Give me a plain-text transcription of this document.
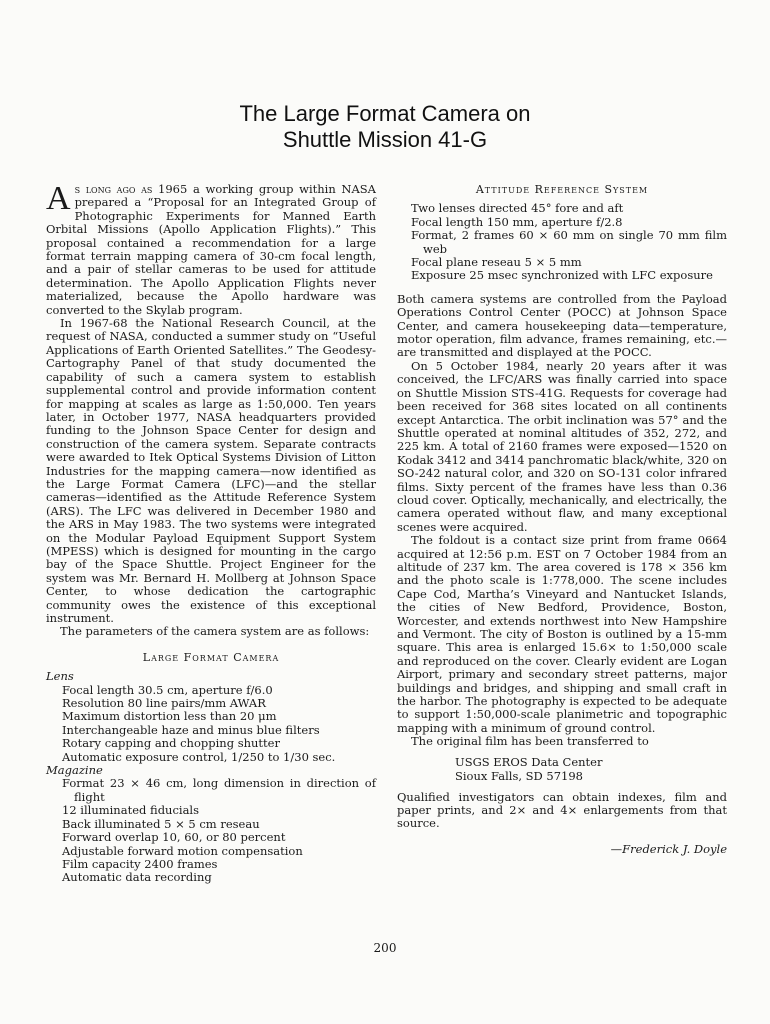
The Large Format Camera on
Shuttle Mission 41-G

As long ago as 1965 a working group within NASA prepared a “Proposal for an Integrated Group of Photographic Experiments for Manned Earth Orbital Missions (Apollo Application Flights).” This proposal contained a recommendation for a large format terrain mapping camera of 30-cm focal length, and a pair of stellar cameras to be used for attitude determination. The Apollo Application Flights never materialized, because the Apollo hardware was converted to the Skylab program.

In 1967-68 the National Research Council, at the request of NASA, conducted a summer study on “Useful Applications of Earth Oriented Satellites.” The Geodesy-Cartography Panel of that study documented the capability of such a camera system to establish supplemental control and provide information content for mapping at scales as large as 1:50,000. Ten years later, in October 1977, NASA headquarters provided funding to the Johnson Space Center for design and construction of the camera system. Separate contracts were awarded to Itek Optical Systems Division of Litton Industries for the mapping camera—now identified as the Large Format Camera (LFC)—and the stellar cameras—identified as the Attitude Reference System (ARS). The LFC was delivered in December 1980 and the ARS in May 1983. The two systems were integrated on the Modular Payload Equipment Support System (MPESS) which is designed for mounting in the cargo bay of the Space Shuttle. Project Engineer for the system was Mr. Bernard H. Mollberg at Johnson Space Center, to whose dedication the cartographic community owes the existence of this exceptional instrument.

The parameters of the camera system are as follows:

Large Format Camera

Lens

Focal length 30.5 cm, aperture f/6.0
Resolution 80 line pairs/mm AWAR
Maximum distortion less than 20 μm
Interchangeable haze and minus blue filters
Rotary capping and chopping shutter
Automatic exposure control, 1/250 to 1/30 sec.

Magazine

Format 23 × 46 cm, long dimension in direction of flight
12 illuminated fiducials
Back illuminated 5 × 5 cm reseau
Forward overlap 10, 60, or 80 percent
Adjustable forward motion compensation
Film capacity 2400 frames
Automatic data recording
Attitude Reference System
Two lenses directed 45° fore and aft
Focal length 150 mm, aperture f/2.8
Format, 2 frames 60 × 60 mm on single 70 mm film web
Focal plane reseau 5 × 5 mm
Exposure 25 msec synchronized with LFC exposure

Both camera systems are controlled from the Payload Operations Control Center (POCC) at Johnson Space Center, and camera housekeeping data—temperature, motor operation, film advance, frames remaining, etc.—are transmitted and displayed at the POCC.

On 5 October 1984, nearly 20 years after it was conceived, the LFC/ARS was finally carried into space on Shuttle Mission STS-41G. Requests for coverage had been received for 368 sites located on all continents except Antarctica. The orbit inclination was 57° and the Shuttle operated at nominal altitudes of 352, 272, and 225 km. A total of 2160 frames were exposed—1520 on Kodak 3412 and 3414 panchromatic black/white, 320 on SO-242 natural color, and 320 on SO-131 color infrared films. Sixty percent of the frames have less than 0.36 cloud cover. Optically, mechanically, and electrically, the camera operated without flaw, and many exceptional scenes were acquired.

The foldout is a contact size print from frame 0664 acquired at 12:56 p.m. EST on 7 October 1984 from an altitude of 237 km. The area covered is 178 × 356 km and the photo scale is 1:778,000. The scene includes Cape Cod, Martha’s Vineyard and Nantucket Islands, the cities of New Bedford, Providence, Boston, Worcester, and extends northwest into New Hampshire and Vermont. The city of Boston is outlined by a 15-mm square. This area is enlarged 15.6× to 1:50,000 scale and reproduced on the cover. Clearly evident are Logan Airport, primary and secondary street patterns, major buildings and bridges, and shipping and small craft in the harbor. The photography is expected to be adequate to support 1:50,000-scale planimetric and topographic mapping with a minimum of ground control.

The original film has been transferred to

USGS EROS Data Center
Sioux Falls, SD 57198

Qualified investigators can obtain indexes, film and paper prints, and 2× and 4× enlargements from that source.

—Frederick J. Doyle
200
